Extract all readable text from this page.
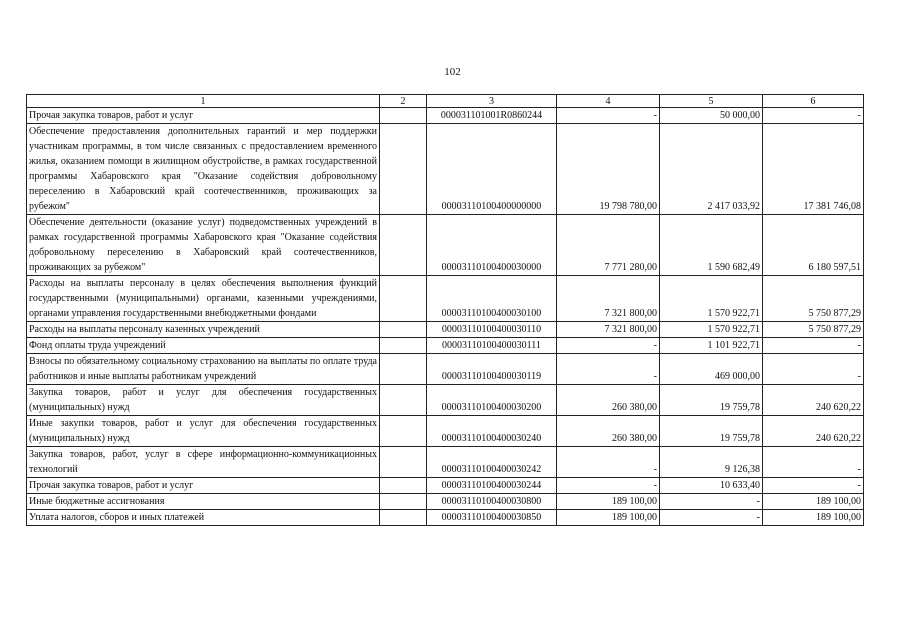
102
1	2	3	4	5	6
Прочая закупка товаров, работ и услуг		000031101001R0860244	-	50 000,00	-
Обеспечение предоставления дополнительных гарантий и мер поддержки участникам программы, в том числе связанных с предоставлением временного жилья, оказанием помощи в жилищном обустройстве, в рамках государственной программы Хабаровского края "Оказание содействия добровольному переселению в Хабаровский край соотечественников, проживающих за рубежом"		00003110100400000000	19 798 780,00	2 417 033,92	17 381 746,08
Обеспечение деятельности (оказание услуг) подведомственных учреждений в рамках государственной программы Хабаровского края "Оказание содействия добровольному переселению в Хабаровский край соотечественников, проживающих за рубежом"		00003110100400030000	7 771 280,00	1 590 682,49	6 180 597,51
Расходы на выплаты персоналу в целях обеспечения выполнения функций государственными (муниципальными) органами, казенными учреждениями, органами управления государственными внебюджетными фондами		00003110100400030100	7 321 800,00	1 570 922,71	5 750 877,29
Расходы на выплаты персоналу казенных учреждений		00003110100400030110	7 321 800,00	1 570 922,71	5 750 877,29
Фонд оплаты труда учреждений		00003110100400030111	-	1 101 922,71	-
Взносы по обязательному социальному страхованию на выплаты по оплате труда работников и иные выплаты работникам учреждений		00003110100400030119	-	469 000,00	-
Закупка товаров, работ и услуг для обеспечения государственных (муниципальных) нужд		00003110100400030200	260 380,00	19 759,78	240 620,22
Иные закупки товаров, работ и услуг для обеспечения государственных (муниципальных) нужд		00003110100400030240	260 380,00	19 759,78	240 620,22
Закупка товаров, работ, услуг в сфере информационно-коммуникационных технологий		00003110100400030242	-	9 126,38	-
Прочая закупка товаров, работ и услуг		00003110100400030244	-	10 633,40	-
Иные бюджетные ассигнования		00003110100400030800	189 100,00	-	189 100,00
Уплата налогов, сборов и иных платежей		00003110100400030850	189 100,00	-	189 100,00
